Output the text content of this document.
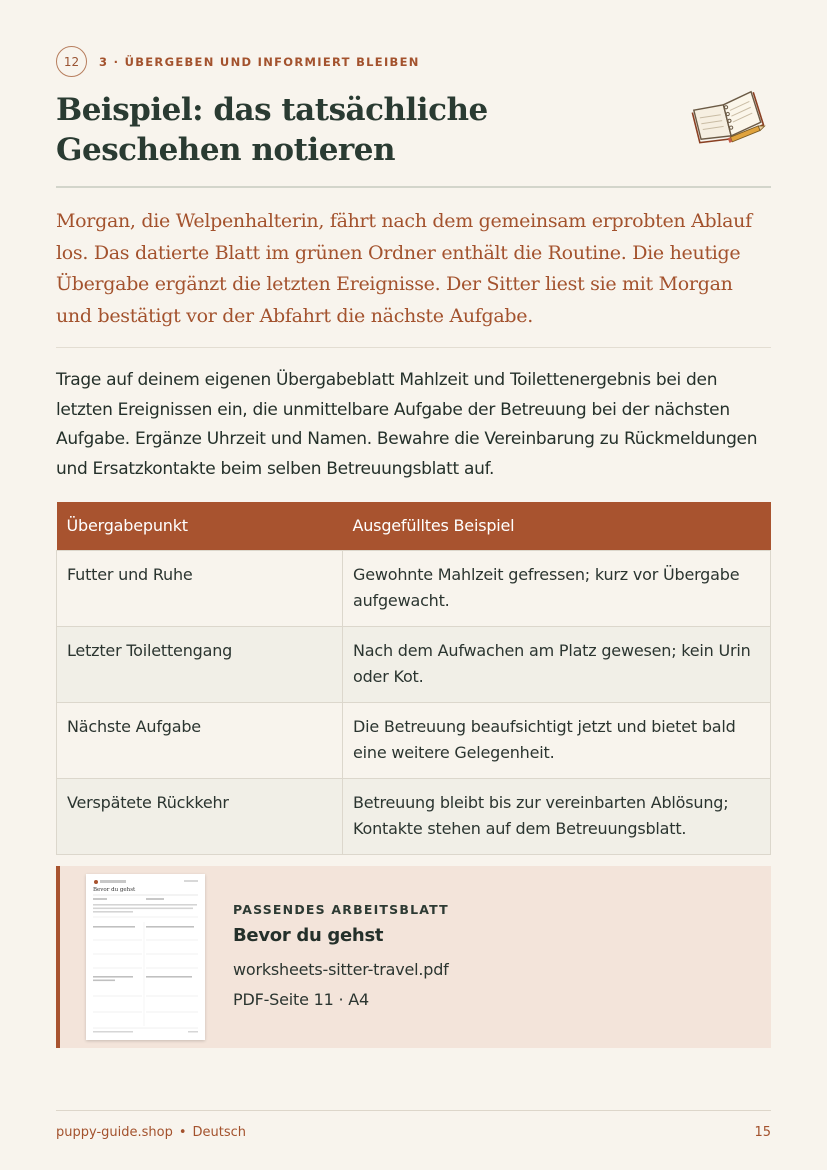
12	3 · ÜBERGEBEN UND INFORMIERT BLEIBEN
Beispiel: das tatsächliche Geschehen notieren

Morgan, die Welpenhalterin, fährt nach dem gemeinsam erprobten Ablauf los. Das datierte Blatt im grünen Ordner enthält die Routine. Die heutige Übergabe ergänzt die letzten Ereignisse. Der Sitter liest sie mit Morgan und bestätigt vor der Abfahrt die nächste Aufgabe.

Trage auf deinem eigenen Übergabeblatt Mahlzeit und Toilettenergebnis bei den letzten Ereignissen ein, die unmittelbare Aufgabe der Betreuung bei der nächsten Aufgabe. Ergänze Uhrzeit und Namen. Bewahre die Vereinbarung zu Rückmeldungen und Ersatzkontakte beim selben Betreuungsblatt auf.

Übergabepunkt	Ausgefülltes Beispiel
Futter und Ruhe	Gewohnte Mahlzeit gefressen; kurz vor Übergabe aufgewacht.
Letzter Toilettengang	Nach dem Aufwachen am Platz gewesen; kein Urin oder Kot.
Nächste Aufgabe	Die Betreuung beaufsichtigt jetzt und bietet bald eine weitere Gelegenheit.
Verspätete Rückkehr	Betreuung bleibt bis zur vereinbarten Ablösung; Kontakte stehen auf dem Betreuungsblatt.
Bevor du gehst
PASSENDES ARBEITSBLATT
Bevor du gehst
worksheets-sitter-travel.pdf
PDF-Seite 11 · A4
puppy-guide.shop • Deutsch	15
